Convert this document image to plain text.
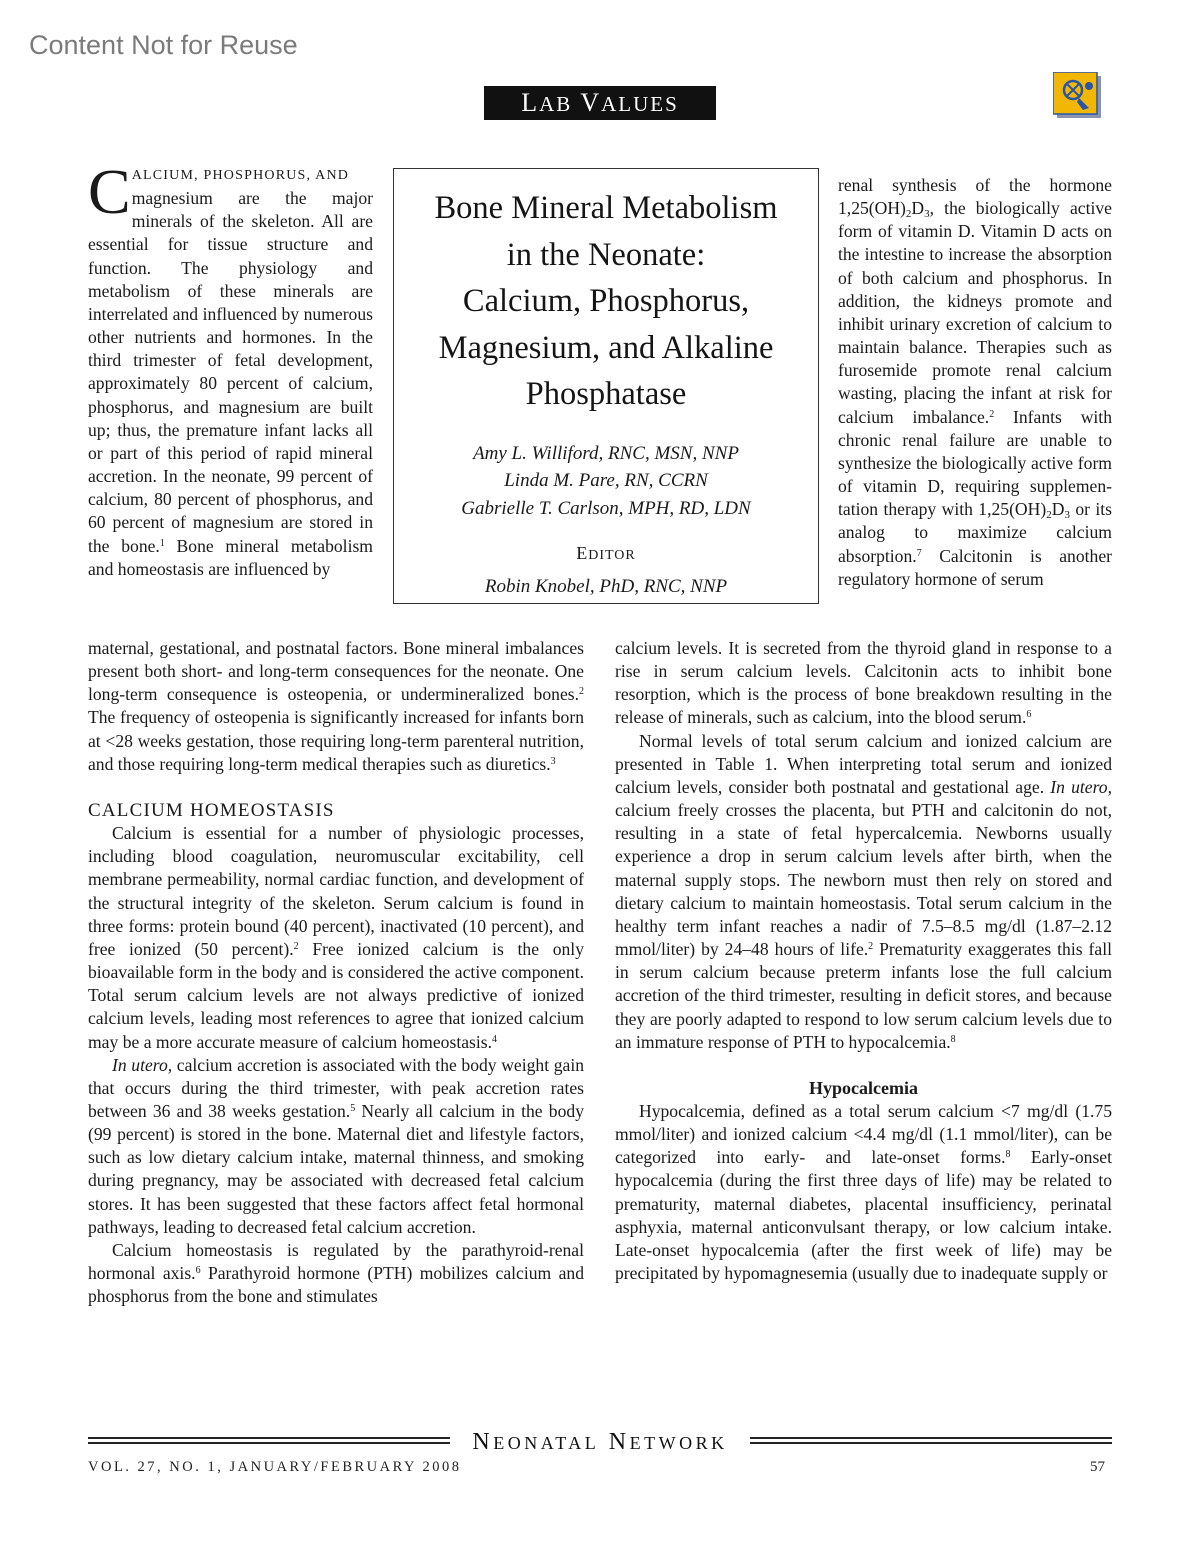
Content Not for Reuse
LAB VALUES
Bone Mineral Metabolism
in the Neonate:
Calcium, Phosphorus,
Magnesium, and Alkaline
Phosphatase
Amy L. Williford, RNC, MSN, NNP
Linda M. Pare, RN, CCRN
Gabrielle T. Carlson, MPH, RD, LDN
EDITOR
Robin Knobel, PhD, RNC, NNP

CALCIUM, PHOSPHORUS, AND
magnesium are the major minerals of the skeleton. All are essential for tissue structure and function. The physiology and metabolism of these minerals are interrelated and influenced by numerous other nutrients and hormones. In the third trimester of fetal development, approximately 80 percent of calcium, phosphorus, and magnesium are built up; thus, the premature infant lacks all or part of this period of rapid mineral accretion. In the neonate, 99 percent of calcium, 80 percent of phosphorus, and 60 percent of magnesium are stored in the bone.$^1$ Bone mineral metabolism and homeostasis are influenced by

renal synthesis of the hormone $1,25(OH)_2D_3$, the biologically active form of vitamin D. Vitamin D acts on the intestine to increase the absorption of both calcium and phosphorus. In addition, the kidneys promote and inhibit urinary excretion of calcium to maintain balance. Therapies such as furosemide promote renal calcium wasting, placing the infant at risk for calcium imbalance.$^2$ Infants with chronic renal failure are unable to synthesize the biologically active form of vitamin D, requiring supplementation therapy with $1,25(OH)_2D_3$ or its analog to maximize calcium absorption.$^7$ Calcitonin is another regulatory hormone of serum

maternal, gestational, and postnatal factors. Bone mineral imbalances present both short- and long-term consequences for the neonate. One long-term consequence is osteopenia, or undermineralized bones.$^2$ The frequency of osteopenia is significantly increased for infants born at <28 weeks gestation, those requiring long-term parenteral nutrition, and those requiring long-term medical therapies such as diuretics.$^3$

CALCIUM HOMEOSTASIS

Calcium is essential for a number of physiologic processes, including blood coagulation, neuromuscular excitability, cell membrane permeability, normal cardiac function, and development of the structural integrity of the skeleton. Serum calcium is found in three forms: protein bound (40 percent), inactivated (10 percent), and free ionized (50 percent).$^2$ Free ionized calcium is the only bioavailable form in the body and is considered the active component. Total serum calcium levels are not always predictive of ionized calcium levels, leading most references to agree that ionized calcium may be a more accurate measure of calcium homeostasis.$^4$

In utero, calcium accretion is associated with the body weight gain that occurs during the third trimester, with peak accretion rates between 36 and 38 weeks gestation.$^5$ Nearly all calcium in the body (99 percent) is stored in the bone. Maternal diet and lifestyle factors, such as low dietary calcium intake, maternal thinness, and smoking during pregnancy, may be associated with decreased fetal calcium stores. It has been suggested that these factors affect fetal hormonal pathways, leading to decreased fetal calcium accretion.

Calcium homeostasis is regulated by the parathyroid-renal hormonal axis.$^6$ Parathyroid hormone (PTH) mobilizes calcium and phosphorus from the bone and stimulates

calcium levels. It is secreted from the thyroid gland in response to a rise in serum calcium levels. Calcitonin acts to inhibit bone resorption, which is the process of bone breakdown resulting in the release of minerals, such as calcium, into the blood serum.$^6$

Normal levels of total serum calcium and ionized calcium are presented in Table 1. When interpreting total serum and ionized calcium levels, consider both postnatal and gestational age. In utero, calcium freely crosses the placenta, but PTH and calcitonin do not, resulting in a state of fetal hypercalcemia. Newborns usually experience a drop in serum calcium levels after birth, when the maternal supply stops. The newborn must then rely on stored and dietary calcium to maintain homeostasis. Total serum calcium in the healthy term infant reaches a nadir of 7.5–8.5 mg/dl (1.87–2.12 mmol/liter) by 24–48 hours of life.$^2$ Prematurity exaggerates this fall in serum calcium because preterm infants lose the full calcium accretion of the third trimester, resulting in deficit stores, and because they are poorly adapted to respond to low serum calcium levels due to an immature response of PTH to hypocalcemia.$^8$

Hypocalcemia

Hypocalcemia, defined as a total serum calcium <7 mg/dl (1.75 mmol/liter) and ionized calcium <4.4 mg/dl (1.1 mmol/liter), can be categorized into early- and late-onset forms.$^8$ Early-onset hypocalcemia (during the first three days of life) may be related to prematurity, maternal diabetes, placental insufficiency, perinatal asphyxia, maternal anticonvulsant therapy, or low calcium intake. Late-onset hypocalcemia (after the first week of life) may be precipitated by hypomagnesemia (usually due to inadequate supply or

NEONATAL NETWORK
VOL. 27, NO. 1, JANUARY/FEBRUARY 2008	57
